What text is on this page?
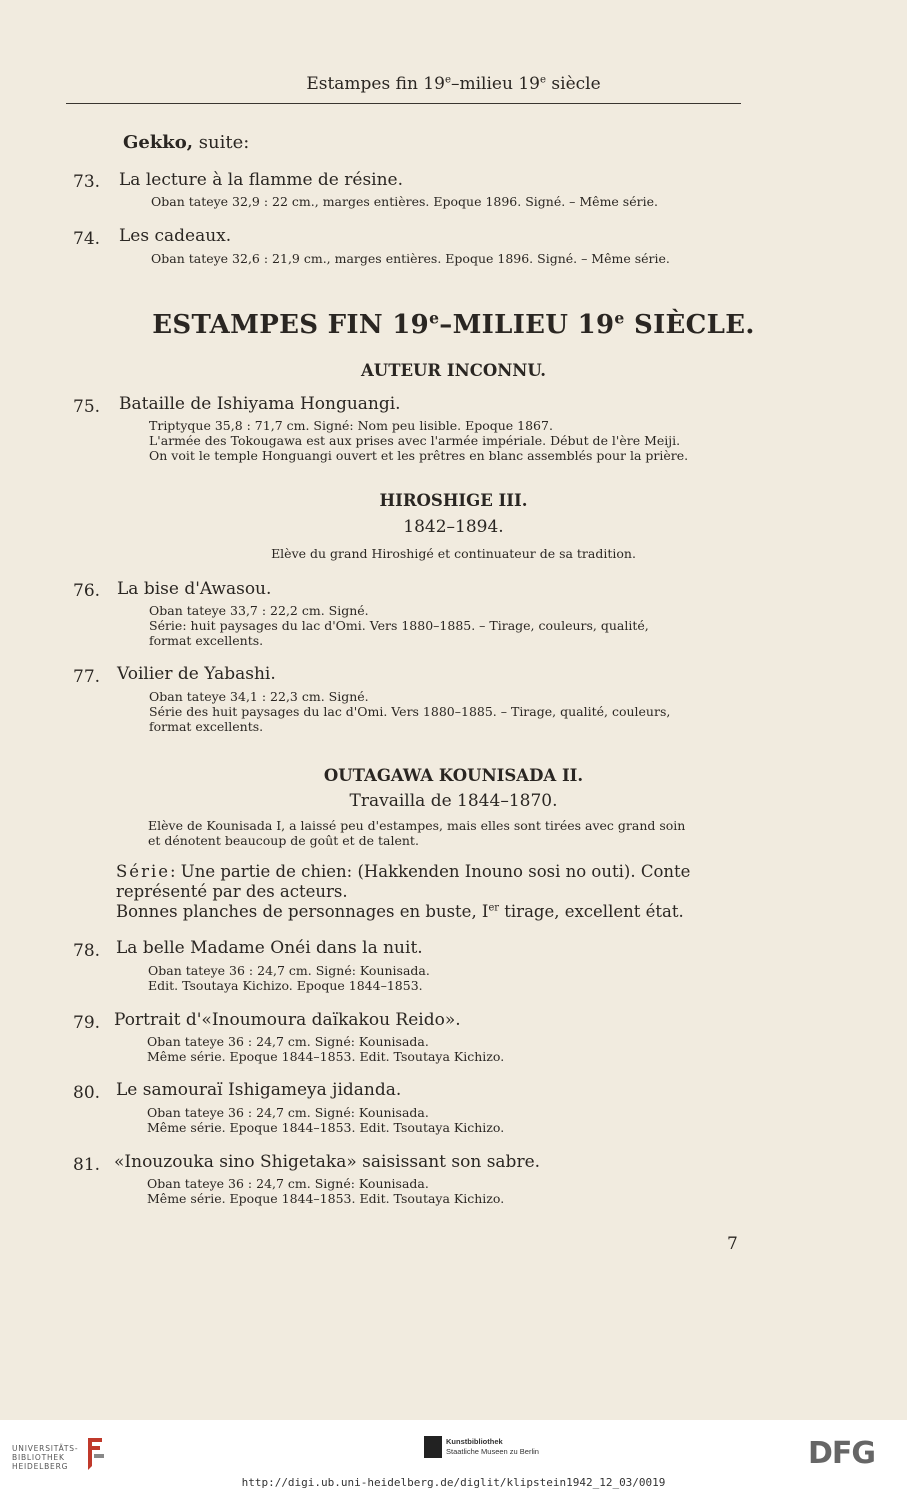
Estampes fin 19e–milieu 19e siècle
Gekko, suite:
73. La lecture à la flamme de résine.
Oban tateye 32,9 : 22 cm., marges entières. Epoque 1896. Signé. – Même série.
74. Les cadeaux.
Oban tateye 32,6 : 21,9 cm., marges entières. Epoque 1896. Signé. – Même série.
ESTAMPES FIN 19e–MILIEU 19e SIÈCLE.
AUTEUR INCONNU.
75. Bataille de Ishiyama Honguangi.
Triptyque 35,8 : 71,7 cm. Signé: Nom peu lisible. Epoque 1867.
L'armée des Tokougawa est aux prises avec l'armée impériale. Début de l'ère Meiji.
On voit le temple Honguangi ouvert et les prêtres en blanc assemblés pour la prière.
HIROSHIGE III.
1842–1894.
Elève du grand Hiroshigé et continuateur de sa tradition.
76. La bise d'Awasou.
Oban tateye 33,7 : 22,2 cm. Signé.
Série: huit paysages du lac d'Omi. Vers 1880–1885. – Tirage, couleurs, qualité,
format excellents.
77. Voilier de Yabashi.
Oban tateye 34,1 : 22,3 cm. Signé.
Série des huit paysages du lac d'Omi. Vers 1880–1885. – Tirage, qualité, couleurs,
format excellents.
OUTAGAWA KOUNISADA II.
Travailla de 1844–1870.
Elève de Kounisada I, a laissé peu d'estampes, mais elles sont tirées avec grand soin
et dénotent beaucoup de goût et de talent.
Série: Une partie de chien: (Hakkenden Inouno sosi no outi). Conte
représenté par des acteurs.
Bonnes planches de personnages en buste, Ier tirage, excellent état.
78. La belle Madame Onéi dans la nuit.
Oban tateye 36 : 24,7 cm. Signé: Kounisada.
Edit. Tsoutaya Kichizo. Epoque 1844–1853.
79. Portrait d'«Inoumoura daïkakou Reido».
Oban tateye 36 : 24,7 cm. Signé: Kounisada.
Même série. Epoque 1844–1853. Edit. Tsoutaya Kichizo.
80. Le samouraï Ishigameya jidanda.
Oban tateye 36 : 24,7 cm. Signé: Kounisada.
Même série. Epoque 1844–1853. Edit. Tsoutaya Kichizo.
81. «Inouzouka sino Shigetaka» saisissant son sabre.
Oban tateye 36 : 24,7 cm. Signé: Kounisada.
Même série. Epoque 1844–1853. Edit. Tsoutaya Kichizo.
7
UNIVERSITÄTS-
BIBLIOTHEK
HEIDELBERG
Kunstbibliothek
Staatliche Museen zu Berlin	DFG
http://digi.ub.uni-heidelberg.de/diglit/klipstein1942_12_03/0019
